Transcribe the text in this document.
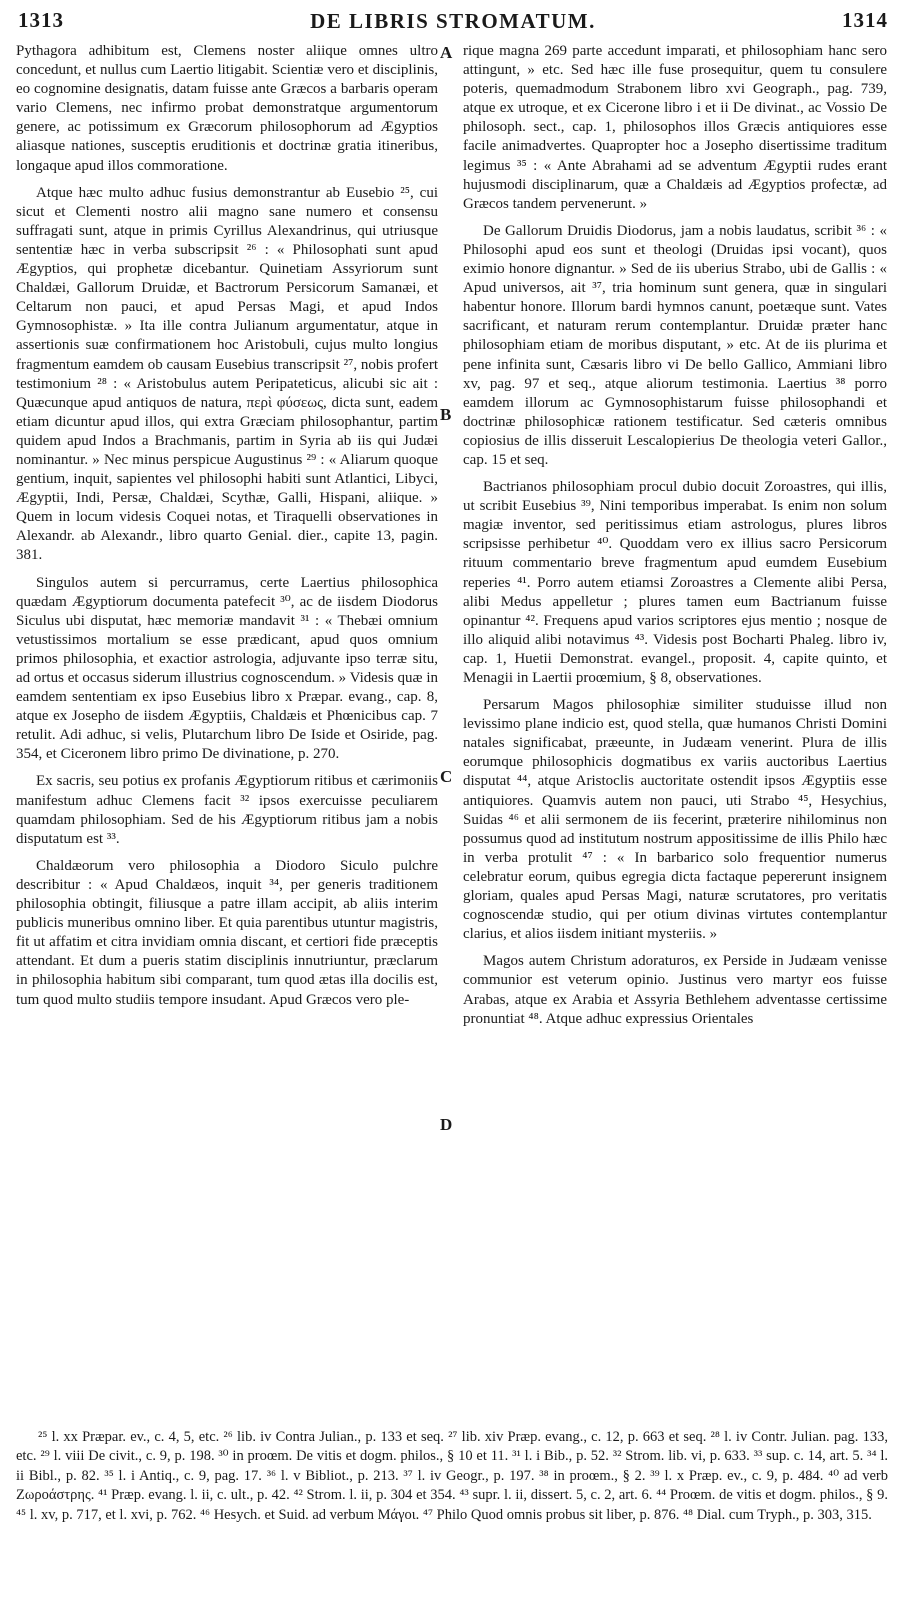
1313	DE LIBRIS STROMATUM.	1314

Pythagora adhibitum est, Clemens noster aliique omnes ultro concedunt, et nullus cum Laertio litigabit. Scientiæ vero et disciplinis, eo cognomine designatis, datam fuisse ante Græcos a barbaris operam vario Clemens, nec infirmo probat demonstratque argumentorum genere, ac potissimum ex Græcorum philosophorum ad Ægyptios aliasque nationes, susceptis eruditionis et doctrinæ gratia itineribus, longaque apud illos commoratione.

Atque hæc multo adhuc fusius demonstrantur ab Eusebio ²⁵, cui sicut et Clementi nostro alii magno sane numero et consensu suffragati sunt, atque in primis Cyrillus Alexandrinus, qui utriusque sententiæ hæc in verba subscripsit ²⁶ : « Philosophati sunt apud Ægyptios, qui prophetæ dicebantur. Quinetiam Assyriorum sunt Chaldæi, Gallorum Druidæ, et Bactrorum Persicorum Samanæi, et Celtarum non pauci, et apud Persas Magi, et apud Indos Gymnosophistæ. » Ita ille contra Julianum argumentatur, atque in assertionis suæ confirmationem hoc Aristobuli, cujus multo longius fragmentum eamdem ob causam Eusebius transcripsit ²⁷, nobis profert testimonium ²⁸ : « Aristobulus autem Peripateticus, alicubi sic ait : Quæcunque apud antiquos de natura, περὶ φύσεως, dicta sunt, eadem etiam dicuntur apud illos, qui extra Græciam philosophantur, partim quidem apud Indos a Brachmanis, partim in Syria ab iis qui Judæi nominantur. » Nec minus perspicue Augustinus ²⁹ : « Aliarum quoque gentium, inquit, sapientes vel philosophi habiti sunt Atlantici, Libyci, Ægyptii, Indi, Persæ, Chaldæi, Scythæ, Galli, Hispani, aliique. » Quem in locum videsis Coquei notas, et Tiraquelli observationes in Alexandr. ab Alexandr., libro quarto Genial. dier., capite 13, pagin. 381.

Singulos autem si percurramus, certe Laertius philosophica quædam Ægyptiorum documenta patefecit ³⁰, ac de iisdem Diodorus Siculus ubi disputat, hæc memoriæ mandavit ³¹ : « Thebæi omnium vetustissimos mortalium se esse prædicant, apud quos omnium primos philosophia, et exactior astrologia, adjuvante ipso terræ situ, ad ortus et occasus siderum illustrius cognoscendum. » Videsis quæ in eamdem sententiam ex ipso Eusebius libro x Præpar. evang., cap. 8, atque ex Josepho de iisdem Ægyptiis, Chaldæis et Phœnicibus cap. 7 retulit. Adi adhuc, si velis, Plutarchum libro De Iside et Osiride, pag. 354, et Ciceronem libro primo De divinatione, p. 270.

Ex sacris, seu potius ex profanis Ægyptiorum ritibus et cærimoniis manifestum adhuc Clemens facit ³² ipsos exercuisse peculiarem quamdam philosophiam. Sed de his Ægyptiorum ritibus jam a nobis disputatum est ³³.

Chaldæorum vero philosophia a Diodoro Siculo pulchre describitur : « Apud Chaldæos, inquit ³⁴, per generis traditionem philosophia obtingit, filiusque a patre illam accipit, ab aliis interim publicis muneribus omnino liber. Et quia parentibus utuntur magistris, fit ut affatim et citra invidiam omnia discant, et certiori fide præceptis attendant. Et dum a pueris statim disciplinis innutriuntur, præclarum in philosophia habitum sibi comparant, tum quod ætas illa docilis est, tum quod multo studiis tempore insudant. Apud Græcos vero ple-

A
B
C
D

rique magna 269 parte accedunt imparati, et philosophiam hanc sero attingunt, » etc. Sed hæc ille fuse prosequitur, quem tu consulere poteris, quemadmodum Strabonem libro xvi Geograph., pag. 739, atque ex utroque, et ex Cicerone libro i et ii De divinat., ac Vossio De philosoph. sect., cap. 1, philosophos illos Græcis antiquiores esse facile animadvertes. Quapropter hoc a Josepho disertissime traditum legimus ³⁵ : « Ante Abrahami ad se adventum Ægyptii rudes erant hujusmodi disciplinarum, quæ a Chaldæis ad Ægyptios profectæ, ad Græcos tandem pervenerunt. »

De Gallorum Druidis Diodorus, jam a nobis laudatus, scribit ³⁶ : « Philosophi apud eos sunt et theologi (Druidas ipsi vocant), quos eximio honore dignantur. » Sed de iis uberius Strabo, ubi de Gallis : « Apud universos, ait ³⁷, tria hominum sunt genera, quæ in singulari habentur honore. Illorum bardi hymnos canunt, poetæque sunt. Vates sacrificant, et naturam rerum contemplantur. Druidæ præter hanc philosophiam etiam de moribus disputant, » etc. At de iis plurima et pene infinita sunt, Cæsaris libro vi De bello Gallico, Ammiani libro xv, pag. 97 et seq., atque aliorum testimonia. Laertius ³⁸ porro eamdem illorum ac Gymnosophistarum fuisse philosophandi et doctrinæ philosophicæ rationem testificatur. Sed cæteris omnibus copiosius de illis disseruit Lescalopierius De theologia veteri Gallor., cap. 15 et seq.

Bactrianos philosophiam procul dubio docuit Zoroastres, qui illis, ut scribit Eusebius ³⁹, Nini temporibus imperabat. Is enim non solum magiæ inventor, sed peritissimus etiam astrologus, plures libros scripsisse perhibetur ⁴⁰. Quoddam vero ex illius sacro Persicorum rituum commentario breve fragmentum apud eumdem Eusebium reperies ⁴¹. Porro autem etiamsi Zoroastres a Clemente alibi Persa, alibi Medus appelletur ; plures tamen eum Bactrianum fuisse opinantur ⁴². Frequens apud varios scriptores ejus mentio ; nosque de illo aliquid alibi notavimus ⁴³. Videsis post Bocharti Phaleg. libro iv, cap. 1, Huetii Demonstrat. evangel., proposit. 4, capite quinto, et Menagii in Laertii proœmium, § 8, observationes.

Persarum Magos philosophiæ similiter studuisse illud non levissimo plane indicio est, quod stella, quæ humanos Christi Domini natales significabat, præeunte, in Judæam venerint. Plura de illis eorumque philosophicis dogmatibus ex variis auctoribus Laertius disputat ⁴⁴, atque Aristoclis auctoritate ostendit ipsos Ægyptiis esse antiquiores. Quamvis autem non pauci, uti Strabo ⁴⁵, Hesychius, Suidas ⁴⁶ et alii sermonem de iis fecerint, præterire nihilominus non possumus quod ad institutum nostrum appositissime de illis Philo hæc in verba protulit ⁴⁷ : « In barbarico solo frequentior numerus celebratur eorum, quibus egregia dicta factaque pepererunt insignem gloriam, quales apud Persas Magi, naturæ scrutatores, pro veritatis cognoscendæ studio, qui per otium divinas virtutes contemplantur clarius, et alios iisdem initiant mysteriis. »

Magos autem Christum adoraturos, ex Perside in Judæam venisse communior est veterum opinio. Justinus vero martyr eos fuisse Arabas, atque ex Arabia et Assyria Bethlehem adventasse certissime pronuntiat ⁴⁸. Atque adhuc expressius Orientales

²⁵ l. xx Præpar. ev., c. 4, 5, etc. ²⁶ lib. iv Contra Julian., p. 133 et seq. ²⁷ lib. xiv Præp. evang., c. 12, p. 663 et seq. ²⁸ l. iv Contr. Julian. pag. 133, etc. ²⁹ l. viii De civit., c. 9, p. 198. ³⁰ in proœm. De vitis et dogm. philos., § 10 et 11. ³¹ l. i Bib., p. 52. ³² Strom. lib. vi, p. 633. ³³ sup. c. 14, art. 5. ³⁴ l. ii Bibl., p. 82. ³⁵ l. i Antiq., c. 9, pag. 17. ³⁶ l. v Bibliot., p. 213. ³⁷ l. iv Geogr., p. 197. ³⁸ in proœm., § 2. ³⁹ l. x Præp. ev., c. 9, p. 484. ⁴⁰ ad verb Ζωροάστρης. ⁴¹ Præp. evang. l. ii, c. ult., p. 42. ⁴² Strom. l. ii, p. 304 et 354. ⁴³ supr. l. ii, dissert. 5, c. 2, art. 6. ⁴⁴ Proœm. de vitis et dogm. philos., § 9. ⁴⁵ l. xv, p. 717, et l. xvi, p. 762. ⁴⁶ Hesych. et Suid. ad verbum Μάγοι. ⁴⁷ Philo Quod omnis probus sit liber, p. 876. ⁴⁸ Dial. cum Tryph., p. 303, 315.
